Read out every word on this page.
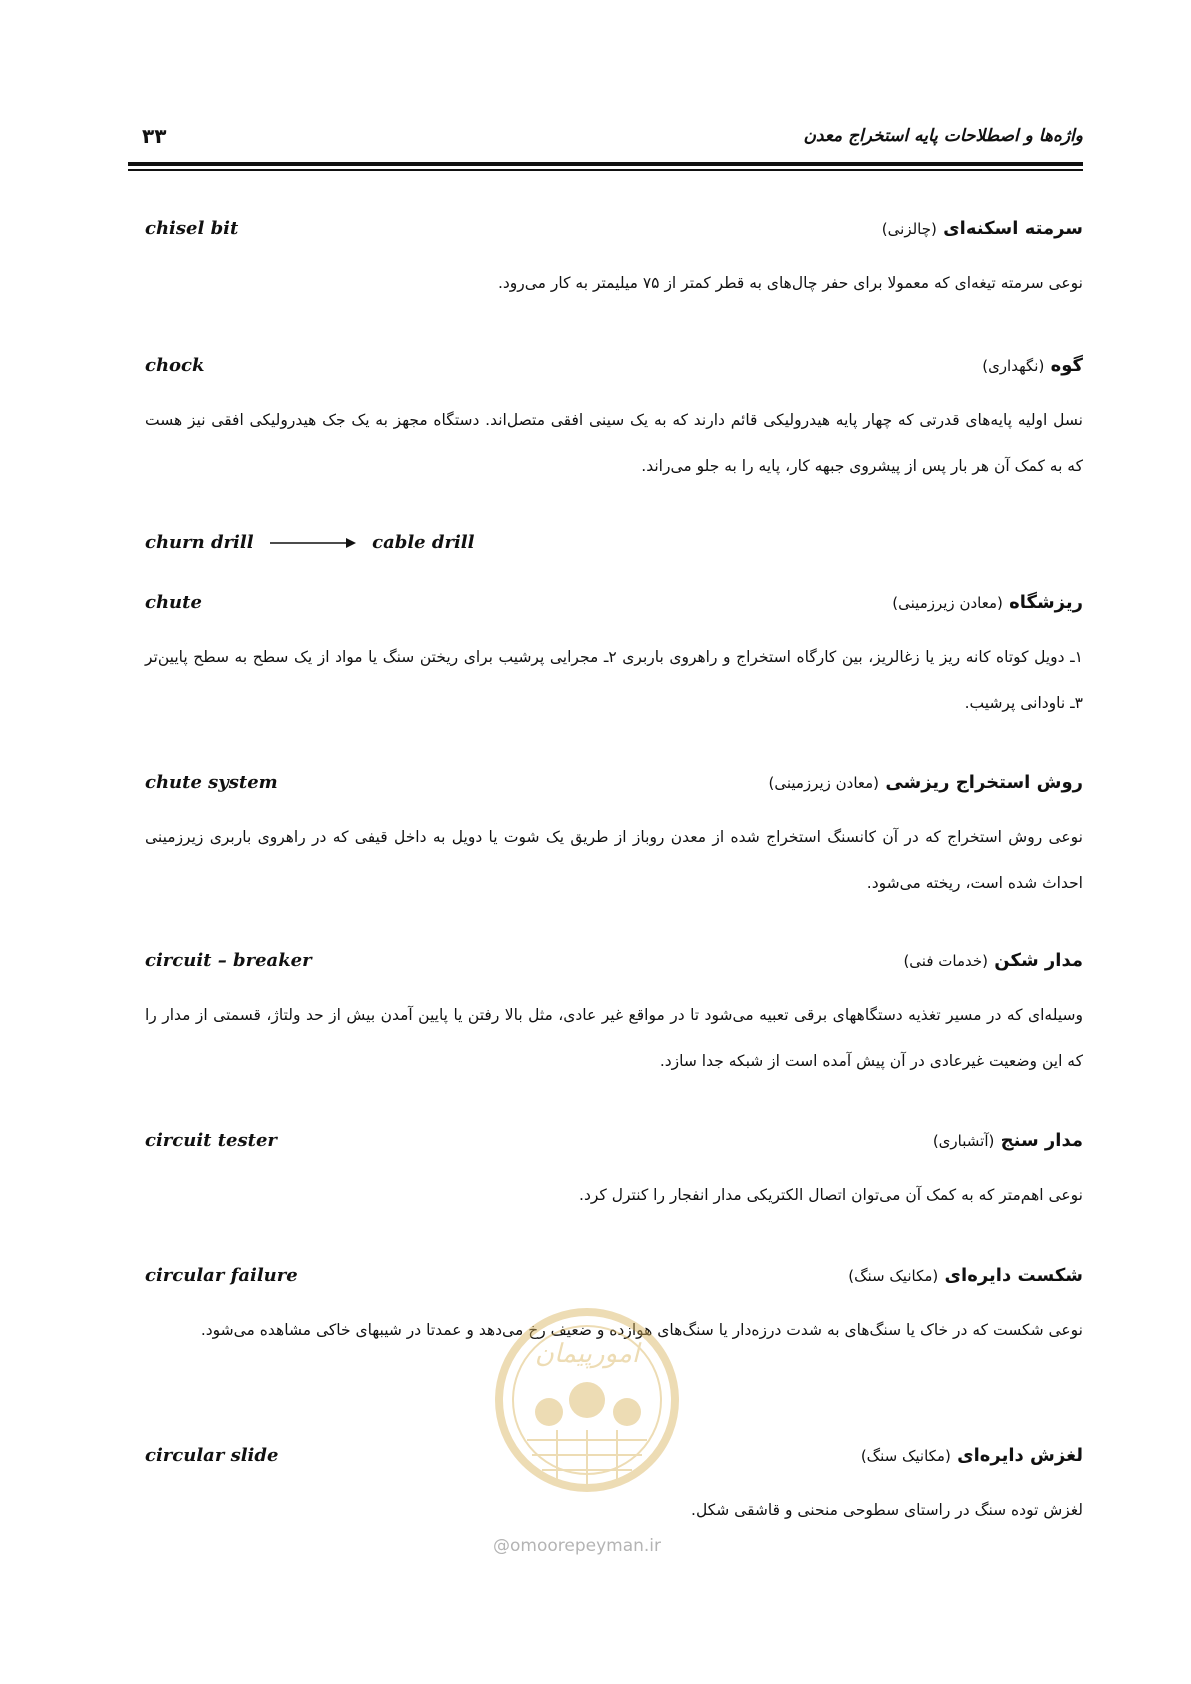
واژه‌ها و اصطلاحات پایه استخراج معدن
۳۳
chisel bit	سرمته اسکنه‌ای (چالزنی)
نوعی سرمته تیغه‌ای که معمولا برای حفر چال‌های به قطر کمتر از ۷۵ میلیمتر به کار می‌رود.
chock	گوه (نگهداری)
نسل اولیه پایه‌های قدرتی که چهار پایه هیدرولیکی قائم دارند که به یک سینی افقی متصل‌اند. دستگاه مجهز به یک جک هیدرولیکی افقی نیز هست که به کمک آن هر بار پس از پیشروی جبهه کار، پایه را به جلو می‌راند.
churn drill	cable drill
chute	ریزشگاه (معادن زیرزمینی)
۱ـ دویل کوتاه کانه ریز یا زغالریز، بین کارگاه استخراج و راهروی باربری ۲ـ مجرایی پرشیب برای ریختن سنگ یا مواد از یک سطح به سطح پایین‌تر ۳ـ ناودانی پرشیب.
chute system	روش استخراج ریزشی (معادن زیرزمینی)
نوعی روش استخراج که در آن کانسنگ استخراج شده از معدن روباز از طریق یک شوت یا دویل به داخل قیفی که در راهروی باربری زیرزمینی احداث شده است، ریخته می‌شود.
circuit – breaker	مدار شکن (خدمات فنی)
وسیله‌ای که در مسیر تغذیه دستگاههای برقی تعبیه می‌شود تا در مواقع غیر عادی، مثل بالا رفتن یا پایین آمدن بیش از حد ولتاژ، قسمتی از مدار را که این وضعیت غیرعادی در آن پیش آمده است از شبکه جدا سازد.
circuit tester	مدار سنج (آتشباری)
نوعی اهم‌متر که به کمک آن می‌توان اتصال الکتریکی مدار انفجار را کنترل کرد.
circular failure	شکست دایره‌ای (مکانیک سنگ)
نوعی شکست که در خاک یا سنگ‌های به شدت درزه‌دار یا سنگ‌های هوازده و ضعیف رخ می‌دهد و عمدتا در شیبهای خاکی مشاهده می‌شود.
circular slide	لغزش دایره‌ای (مکانیک سنگ)
لغزش توده سنگ در راستای سطوحی منحنی و قاشقی شکل.
امورپیمان
@omoorepeyman.ir
